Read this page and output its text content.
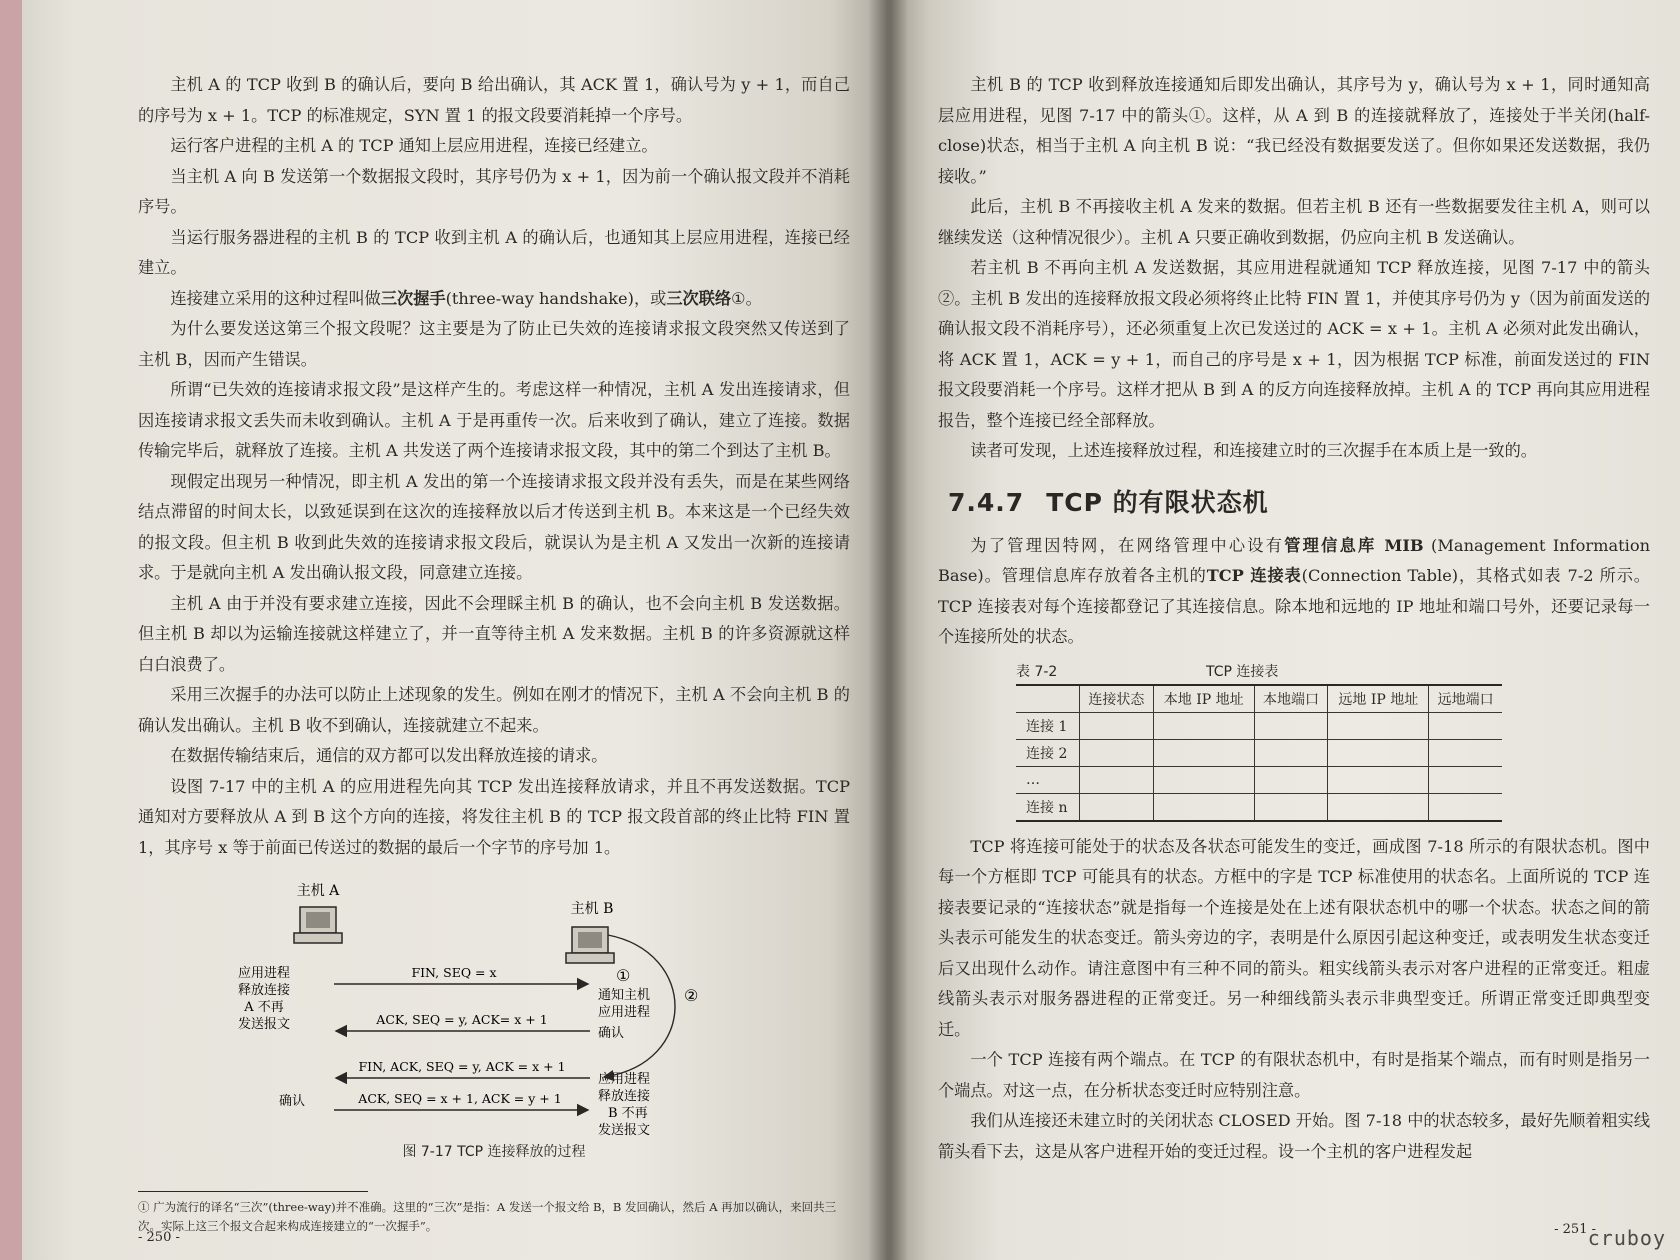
主机 A 的 TCP 收到 B 的确认后，要向 B 给出确认，其 ACK 置 1，确认号为 y + 1，而自己的序号为 x + 1。TCP 的标准规定，SYN 置 1 的报文段要消耗掉一个序号。

运行客户进程的主机 A 的 TCP 通知上层应用进程，连接已经建立。

当主机 A 向 B 发送第一个数据报文段时，其序号仍为 x + 1，因为前一个确认报文段并不消耗序号。

当运行服务器进程的主机 B 的 TCP 收到主机 A 的确认后，也通知其上层应用进程，连接已经建立。

连接建立采用的这种过程叫做三次握手(three-way handshake)，或三次联络①。

为什么要发送这第三个报文段呢？这主要是为了防止已失效的连接请求报文段突然又传送到了主机 B，因而产生错误。

所谓“已失效的连接请求报文段”是这样产生的。考虑这样一种情况，主机 A 发出连接请求，但因连接请求报文丢失而未收到确认。主机 A 于是再重传一次。后来收到了确认，建立了连接。数据传输完毕后，就释放了连接。主机 A 共发送了两个连接请求报文段，其中的第二个到达了主机 B。

现假定出现另一种情况，即主机 A 发出的第一个连接请求报文段并没有丢失，而是在某些网络结点滞留的时间太长，以致延误到在这次的连接释放以后才传送到主机 B。本来这是一个已经失效的报文段。但主机 B 收到此失效的连接请求报文段后，就误认为是主机 A 又发出一次新的连接请求。于是就向主机 A 发出确认报文段，同意建立连接。

主机 A 由于并没有要求建立连接，因此不会理睬主机 B 的确认，也不会向主机 B 发送数据。但主机 B 却以为运输连接就这样建立了，并一直等待主机 A 发来数据。主机 B 的许多资源就这样白白浪费了。

采用三次握手的办法可以防止上述现象的发生。例如在刚才的情况下，主机 A 不会向主机 B 的确认发出确认。主机 B 收不到确认，连接就建立不起来。

在数据传输结束后，通信的双方都可以发出释放连接的请求。

设图 7-17 中的主机 A 的应用进程先向其 TCP 发出连接释放请求，并且不再发送数据。TCP 通知对方要释放从 A 到 B 这个方向的连接，将发往主机 B 的 TCP 报文段首部的终止比特 FIN 置 1，其序号 x 等于前面已传送过的数据的最后一个字节的序号加 1。

主机 A
主机 B
应用进程
释放连接
A 不再
发送报文
确认
FIN, SEQ = x
ACK, SEQ = y, ACK= x + 1
FIN, ACK, SEQ = y, ACK = x + 1
ACK, SEQ = x + 1, ACK = y + 1
①
通知主机
应用进程
确认
应用进程
释放连接
B 不再
发送报文
②
图 7-17 TCP 连接释放的过程

① 广为流行的译名“三次”(three-way)并不准确。这里的“三次”是指：A 发送一个报文给 B，B 发回确认，然后 A 再加以确认，来回共三次。实际上这三个报文合起来构成连接建立的“一次握手”。

- 250 -

主机 B 的 TCP 收到释放连接通知后即发出确认，其序号为 y，确认号为 x + 1，同时通知高层应用进程，见图 7-17 中的箭头①。这样，从 A 到 B 的连接就释放了，连接处于半关闭(half-close)状态，相当于主机 A 向主机 B 说：“我已经没有数据要发送了。但你如果还发送数据，我仍接收。”

此后，主机 B 不再接收主机 A 发来的数据。但若主机 B 还有一些数据要发往主机 A，则可以继续发送（这种情况很少）。主机 A 只要正确收到数据，仍应向主机 B 发送确认。

若主机 B 不再向主机 A 发送数据，其应用进程就通知 TCP 释放连接，见图 7-17 中的箭头②。主机 B 发出的连接释放报文段必须将终止比特 FIN 置 1，并使其序号仍为 y（因为前面发送的确认报文段不消耗序号），还必须重复上次已发送过的 ACK = x + 1。主机 A 必须对此发出确认，将 ACK 置 1，ACK = y + 1，而自己的序号是 x + 1，因为根据 TCP 标准，前面发送过的 FIN 报文段要消耗一个序号。这样才把从 B 到 A 的反方向连接释放掉。主机 A 的 TCP 再向其应用进程报告，整个连接已经全部释放。

读者可发现，上述连接释放过程，和连接建立时的三次握手在本质上是一致的。

7.4.7 TCP 的有限状态机

为了管理因特网，在网络管理中心设有管理信息库 MIB (Management Information Base)。管理信息库存放着各主机的TCP 连接表(Connection Table)，其格式如表 7-2 所示。TCP 连接表对每个连接都登记了其连接信息。除本地和远地的 IP 地址和端口号外，还要记录每一个连接所处的状态。

表 7-2	TCP 连接表
	连接状态	本地 IP 地址	本地端口	远地 IP 地址	远地端口
连接 1					
连接 2					
…					
连接 n					

TCP 将连接可能处于的状态及各状态可能发生的变迁，画成图 7-18 所示的有限状态机。图中每一个方框即 TCP 可能具有的状态。方框中的字是 TCP 标准使用的状态名。上面所说的 TCP 连接表要记录的“连接状态”就是指每一个连接是处在上述有限状态机中的哪一个状态。状态之间的箭头表示可能发生的状态变迁。箭头旁边的字，表明是什么原因引起这种变迁，或表明发生状态变迁后又出现什么动作。请注意图中有三种不同的箭头。粗实线箭头表示对客户进程的正常变迁。粗虚线箭头表示对服务器进程的正常变迁。另一种细线箭头表示非典型变迁。所谓正常变迁即典型变迁。

一个 TCP 连接有两个端点。在 TCP 的有限状态机中，有时是指某个端点，而有时则是指另一个端点。对这一点，在分析状态变迁时应特别注意。

我们从连接还未建立时的关闭状态 CLOSED 开始。图 7-18 中的状态较多，最好先顺着粗实线箭头看下去，这是从客户进程开始的变迁过程。设一个主机的客户进程发起

- 251 -
cruboy
